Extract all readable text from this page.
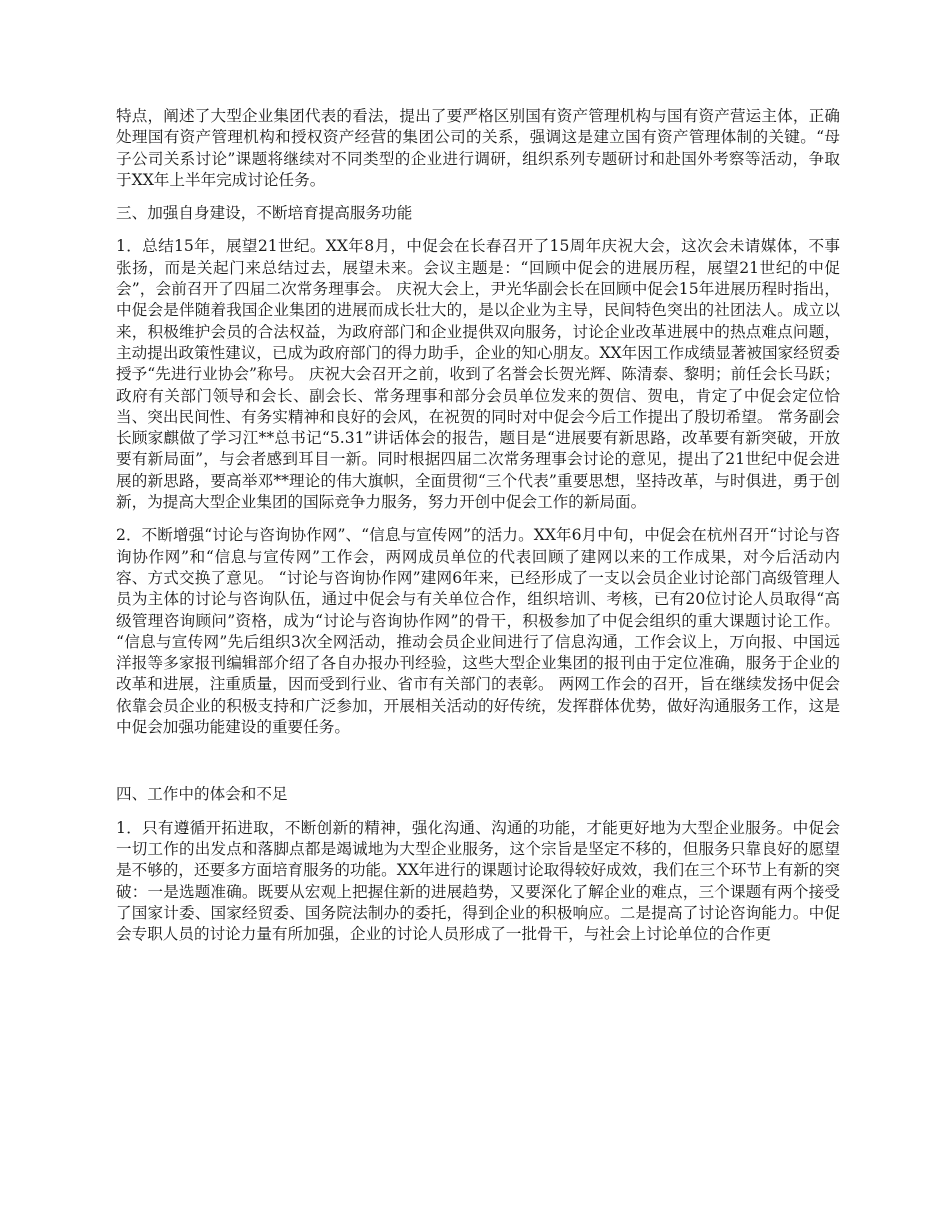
特点，阐述了大型企业集团代表的看法，提出了要严格区别国有资产管理机构与国有资产营运主体，正确处理国有资产管理机构和授权资产经营的集团公司的关系，强调这是建立国有资产管理体制的关键。“母子公司关系讨论”课题将继续对不同类型的企业进行调研，组织系列专题研讨和赴国外考察等活动，争取于XX年上半年完成讨论任务。

三、加强自身建设，不断培育提高服务功能

1．总结15年，展望21世纪。XX年8月，中促会在长春召开了15周年庆祝大会，这次会未请媒体，不事张扬，而是关起门来总结过去，展望未来。会议主题是：“回顾中促会的进展历程，展望21世纪的中促会”，会前召开了四届二次常务理事会。 庆祝大会上，尹光华副会长在回顾中促会15年进展历程时指出，中促会是伴随着我国企业集团的进展而成长壮大的，是以企业为主导，民间特色突出的社团法人。成立以来，积极维护会员的合法权益，为政府部门和企业提供双向服务，讨论企业改革进展中的热点难点问题，主动提出政策性建议，已成为政府部门的得力助手，企业的知心朋友。XX年因工作成绩显著被国家经贸委授予“先进行业协会”称号。 庆祝大会召开之前，收到了名誉会长贺光辉、陈清泰、黎明；前任会长马跃；政府有关部门领导和会长、副会长、常务理事和部分会员单位发来的贺信、贺电，肯定了中促会定位恰当、突出民间性、有务实精神和良好的会风，在祝贺的同时对中促会今后工作提出了殷切希望。 常务副会长顾家麒做了学习江**总书记“5.31”讲话体会的报告，题目是“进展要有新思路，改革要有新突破，开放要有新局面”，与会者感到耳目一新。同时根据四届二次常务理事会讨论的意见，提出了21世纪中促会进展的新思路，要高举邓**理论的伟大旗帜，全面贯彻“三个代表”重要思想，坚持改革，与时俱进，勇于创新，为提高大型企业集团的国际竞争力服务，努力开创中促会工作的新局面。

2．不断增强“讨论与咨询协作网”、“信息与宣传网”的活力。XX年6月中旬，中促会在杭州召开“讨论与咨询协作网”和“信息与宣传网”工作会，两网成员单位的代表回顾了建网以来的工作成果，对今后活动内容、方式交换了意见。 “讨论与咨询协作网”建网6年来，已经形成了一支以会员企业讨论部门高级管理人员为主体的讨论与咨询队伍，通过中促会与有关单位合作，组织培训、考核，已有20位讨论人员取得“高级管理咨询顾问”资格，成为“讨论与咨询协作网”的骨干，积极参加了中促会组织的重大课题讨论工作。 “信息与宣传网”先后组织3次全网活动，推动会员企业间进行了信息沟通，工作会议上，万向报、中国远洋报等多家报刊编辑部介绍了各自办报办刊经验，这些大型企业集团的报刊由于定位准确，服务于企业的改革和进展，注重质量，因而受到行业、省市有关部门的表彰。 两网工作会的召开，旨在继续发扬中促会依靠会员企业的积极支持和广泛参加，开展相关活动的好传统，发挥群体优势，做好沟通服务工作，这是中促会加强功能建设的重要任务。

四、工作中的体会和不足

1．只有遵循开拓进取，不断创新的精神，强化沟通、沟通的功能，才能更好地为大型企业服务。中促会一切工作的出发点和落脚点都是竭诚地为大型企业服务，这个宗旨是坚定不移的，但服务只靠良好的愿望是不够的，还要多方面培育服务的功能。XX年进行的课题讨论取得较好成效，我们在三个环节上有新的突破：一是选题准确。既要从宏观上把握住新的进展趋势，又要深化了解企业的难点，三个课题有两个接受了国家计委、国家经贸委、国务院法制办的委托，得到企业的积极响应。二是提高了讨论咨询能力。中促会专职人员的讨论力量有所加强，企业的讨论人员形成了一批骨干，与社会上讨论单位的合作更
